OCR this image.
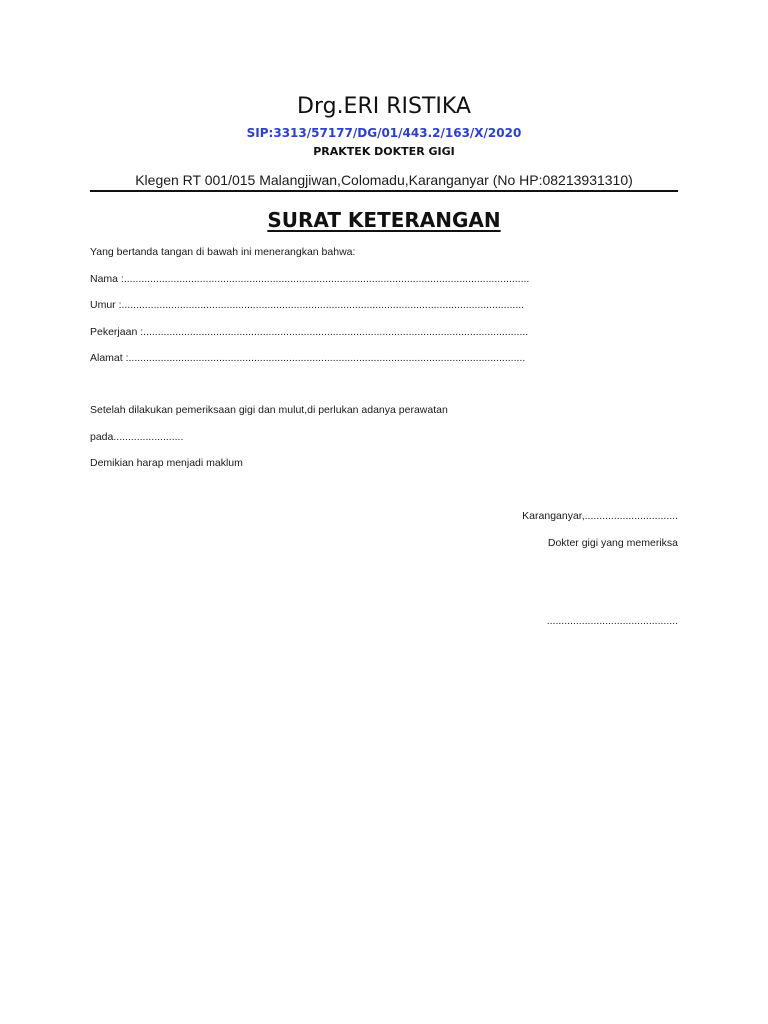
Drg.ERI RISTIKA
SIP:3313/57177/DG/01/443.2/163/X/2020
PRAKTEK DOKTER GIGI
Klegen RT 001/015 Malangjiwan,Colomadu,Karanganyar (No HP:08213931310)
SURAT KETERANGAN
Yang bertanda tangan di bawah ini menerangkan bahwa:
Nama :...........................................................................................................................................
Umur :..........................................................................................................................................
Pekerjaan :....................................................................................................................................
Alamat :........................................................................................................................................
Setelah dilakukan pemeriksaan gigi dan mulut,di perlukan adanya perawatan
pada........................
Demikian harap menjadi maklum
Karanganyar,................................
Dokter gigi yang memeriksa
.............................................
